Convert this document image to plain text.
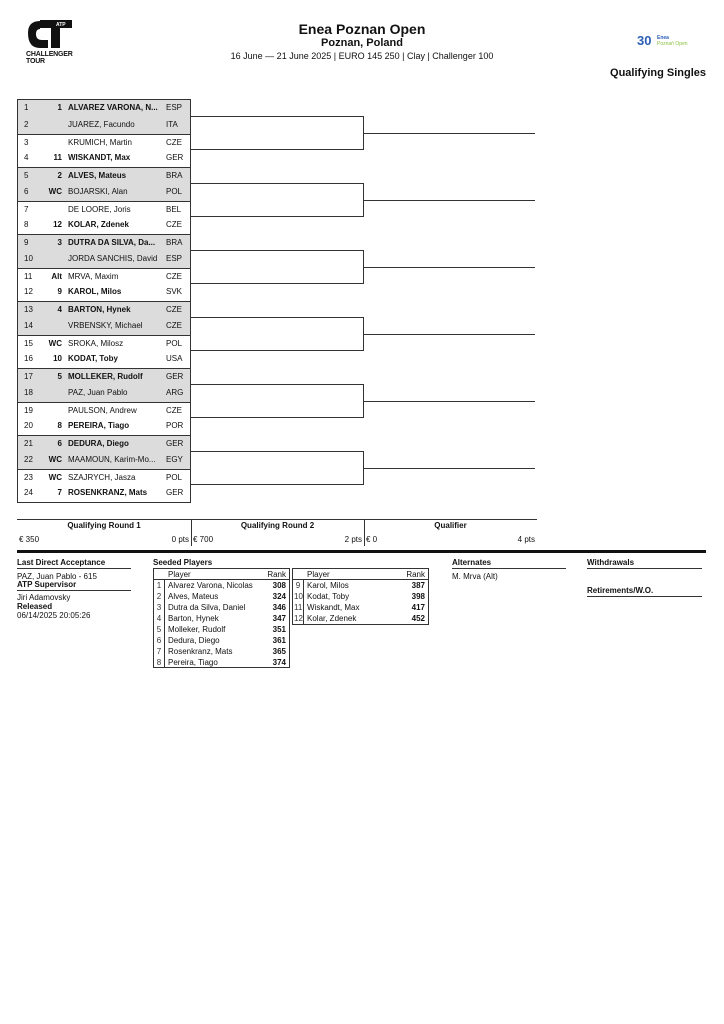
ATP
CHALLENGER
TOUR
Enea Poznan Open
Poznan, Poland
16 June — 21 June 2025 | EURO 145 250 | Clay | Challenger 100
30 Enea
Poznań Open
Qualifying Singles
1	1 ALVAREZ VARONA, N...	ESP
2	JUAREZ, Facundo	ITA
3	KRUMICH, Martin	CZE
4	11 WISKANDT, Max	GER
5	2 ALVES, Mateus	BRA
6	WC BOJARSKI, Alan	POL
7	DE LOORE, Joris	BEL
8	12 KOLAR, Zdenek	CZE
9	3 DUTRA DA SILVA, Da...	BRA
10	JORDA SANCHIS, David	ESP
11	Alt MRVA, Maxim	CZE
12	9 KAROL, Milos	SVK
13	4 BARTON, Hynek	CZE
14	VRBENSKY, Michael	CZE
15	WC SROKA, Milosz	POL
16	10 KODAT, Toby	USA
17	5 MOLLEKER, Rudolf	GER
18	PAZ, Juan Pablo	ARG
19	PAULSON, Andrew	CZE
20	8 PEREIRA, Tiago	POR
21	6 DEDURA, Diego	GER
22	WC MAAMOUN, Karim-Mo...	EGY
23	WC SZAJRYCH, Jasza	POL
24	7 ROSENKRANZ, Mats	GER
Qualifying Round 1
€ 350	0 pts
Qualifying Round 2
€ 700	2 pts
Qualifier
€ 0	4 pts
Last Direct Acceptance
PAZ, Juan Pablo - 615
ATP Supervisor
Jiri Adamovsky
Released
06/14/2025 20:05:26
Seeded Players
Player	Rank
1 Alvarez Varona, Nicolas 308
2 Alves, Mateus	324
3 Dutra da Silva, Daniel	346
4 Barton, Hynek	347
5 Molleker, Rudolf	351
6 Dedura, Diego	361
7 Rosenkranz, Mats	365
8 Pereira, Tiago	374
Player	Rank
9 Karol, Milos	387
10 Kodat, Toby	398
11 Wiskandt, Max	417
12 Kolar, Zdenek	452
Alternates
M. Mrva (Alt)
Withdrawals
Retirements/W.O.
